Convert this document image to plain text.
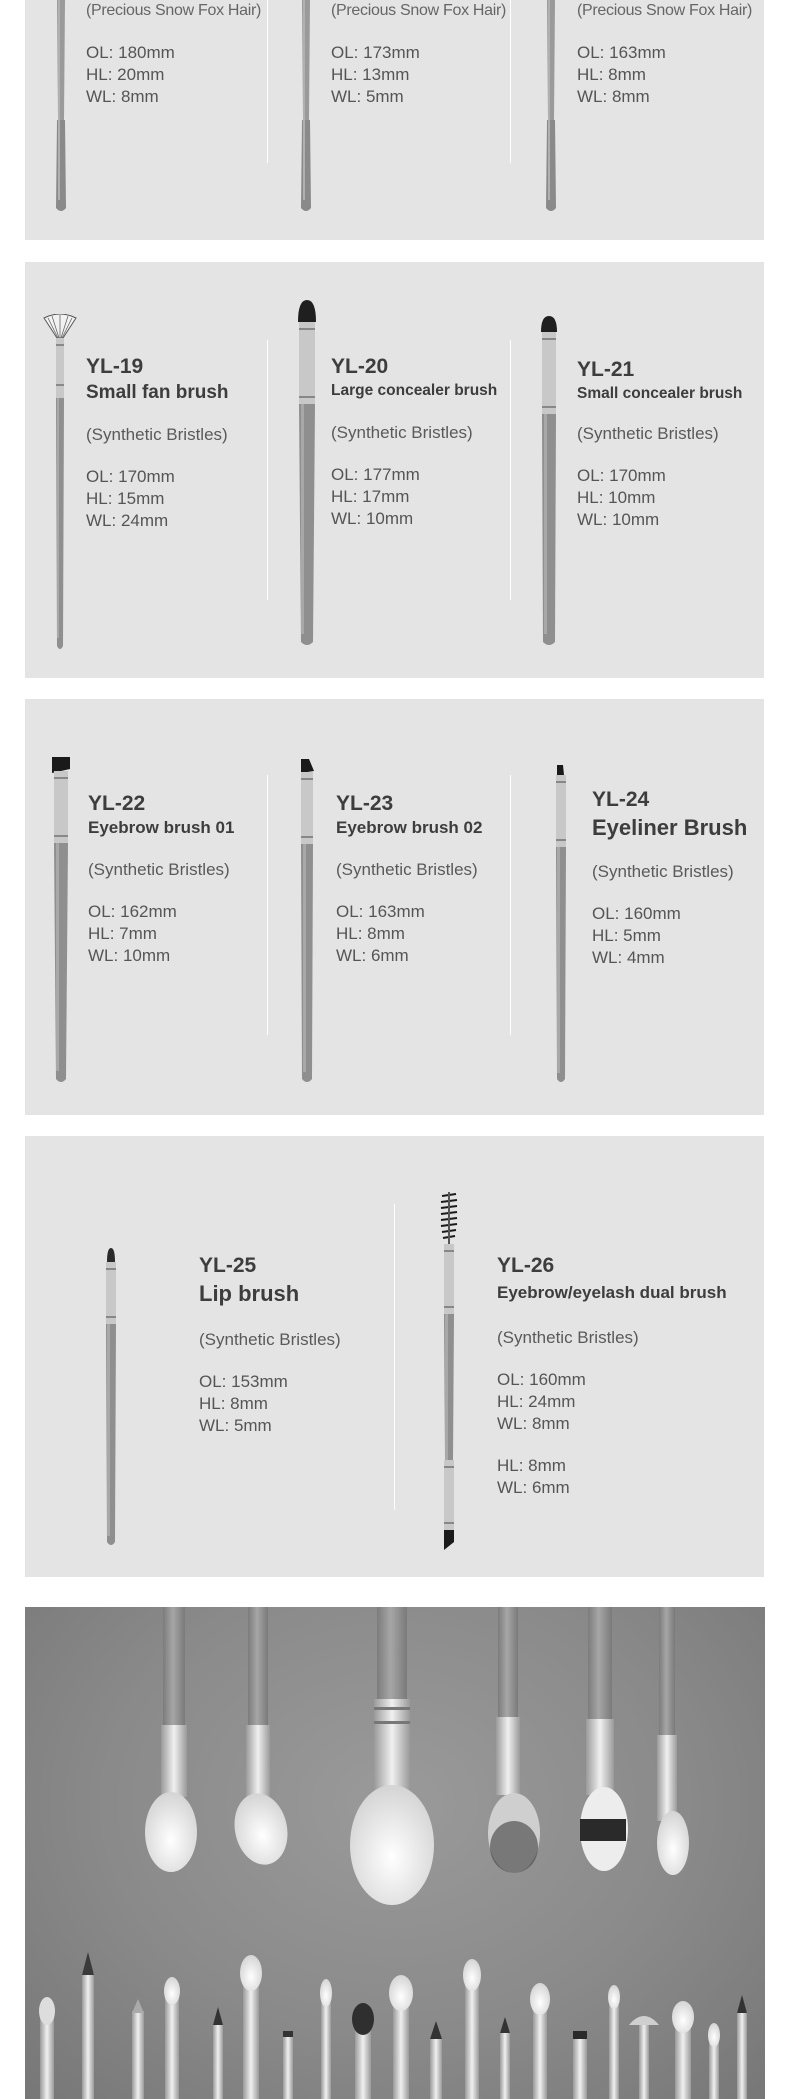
(Precious Snow Fox Hair)
OL: 180mm
HL: 20mm
WL: 8mm
(Precious Snow Fox Hair)
OL: 173mm
HL: 13mm
WL: 5mm
(Precious Snow Fox Hair)
OL: 163mm
HL: 8mm
WL: 8mm
YL-19
Small fan brush
(Synthetic Bristles)
OL: 170mm
HL: 15mm
WL: 24mm
YL-20
Large concealer brush
(Synthetic Bristles)
OL: 177mm
HL: 17mm
WL: 10mm
YL-21
Small concealer brush
(Synthetic Bristles)
OL: 170mm
HL: 10mm
WL: 10mm
YL-22
Eyebrow brush 01
(Synthetic Bristles)
OL: 162mm
HL: 7mm
WL: 10mm
YL-23
Eyebrow brush 02
(Synthetic Bristles)
OL: 163mm
HL: 8mm
WL: 6mm
YL-24
Eyeliner Brush
(Synthetic Bristles)
OL: 160mm
HL: 5mm
WL: 4mm
YL-25
Lip brush
(Synthetic Bristles)
OL: 153mm
HL: 8mm
WL: 5mm
YL-26
Eyebrow/eyelash dual brush
(Synthetic Bristles)
OL: 160mm
HL: 24mm
WL: 8mm
HL: 8mm
WL: 6mm
